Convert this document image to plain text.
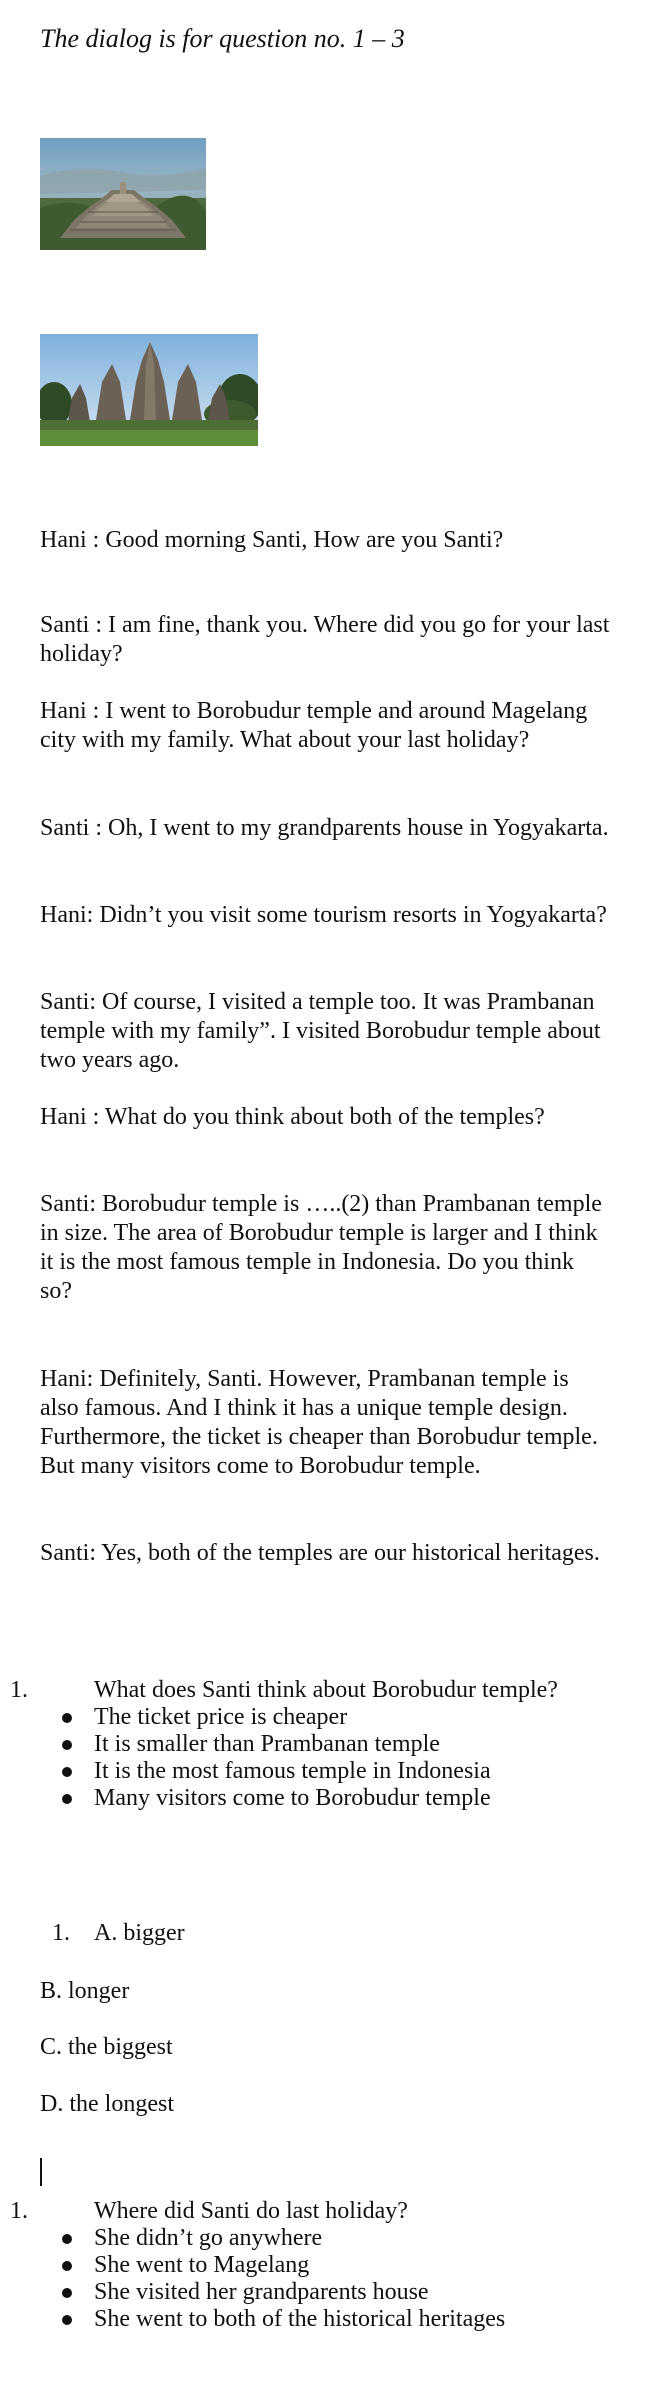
The dialog is for question no. 1 – 3
Hani : Good morning Santi, How are you Santi?
Santi : I am fine, thank you. Where did you go for your last holiday?
Hani : I went to Borobudur temple and around Magelang city with my family. What about your last holiday?
Santi : Oh, I went to my grandparents house in Yogyakarta.
Hani: Didn’t you visit some tourism resorts in Yogyakarta?
Santi: Of course, I visited a temple too. It was Prambanan temple with my family”. I visited Borobudur temple about two years ago.
Hani : What do you think about both of the temples?
Santi: Borobudur temple is …..(2) than Prambanan temple in size. The area of Borobudur temple is larger and I think it is the most famous temple in Indonesia. Do you think so?
Hani: Definitely, Santi. However, Prambanan temple is also famous. And I think it has a unique temple design. Furthermore, the ticket is cheaper than Borobudur temple. But many visitors come to Borobudur temple.
Santi: Yes, both of the temples are our historical heritages.
1.	What does Santi think about Borobudur temple?
The ticket price is cheaper
It is smaller than Prambanan temple
It is the most famous temple in Indonesia
Many visitors come to Borobudur temple
1. A. bigger
B. longer
C. the biggest
D. the longest
1.	Where did Santi do last holiday?
She didn’t go anywhere
She went to Magelang
She visited her grandparents house
She went to both of the historical heritages
